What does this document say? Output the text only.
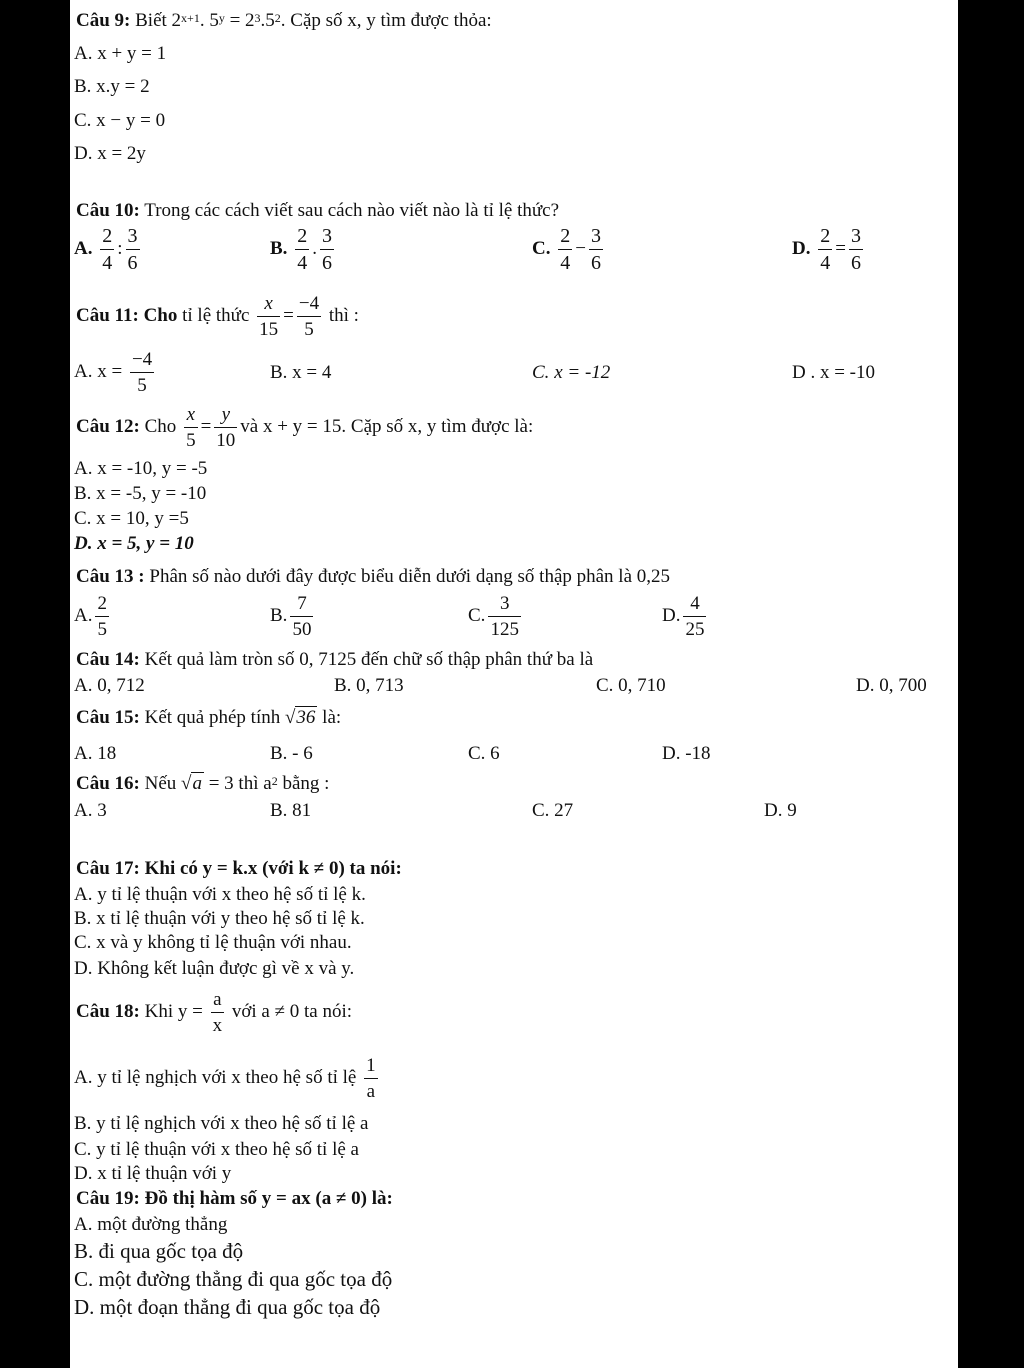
Câu 9: Biết $2^{x+1}$. $5^y = 2^3.5^2$. Cặp số x, y tìm được thỏa:
A. x + y = 1
B. x.y = 2
C. x − y = 0
D. x = 2y
Câu 10: Trong các cách viết sau cách nào viết nào là tỉ lệ thức?
A. $\frac{2}{4}$ : $\frac{3}{6}$	B. $\frac{2}{4}$ . $\frac{3}{6}$	C. $\frac{2}{4} - \frac{3}{6}$	D. $\frac{2}{4} = \frac{3}{6}$
Câu 11: Cho tỉ lệ thức $\frac{x}{15} = \frac{-4}{5}$ thì :
A. $x = \frac{-4}{5}$	B. x = 4	C. x = -12	D . x = -10
Câu 12: Cho $\frac{x}{5} = \frac{y}{10}$ và x + y = 15. Cặp số x, y tìm được là:
A. x = -10, y = -5
B. x = -5, y = -10
C. x = 10, y =5
D. x = 5, y = 10
Câu 13 : Phân số nào dưới đây được biểu diễn dưới dạng số thập phân là 0,25
A. $\frac{2}{5}$	B. $\frac{7}{50}$	C. $\frac{3}{125}$	D. $\frac{4}{25}$
Câu 14: Kết quả làm tròn số 0, 7125 đến chữ số thập phân thứ ba là
A. 0, 712	B. 0, 713	C. 0, 710	D. 0, 700
Câu 15: Kết quả phép tính √36 là:
A. 18	B. - 6	C. 6	D. -18
Câu 16: Nếu √a = 3 thì $a^2$ bằng :
A. 3	B. 81	C. 27	D. 9
Câu 17: Khi có y = k.x (với k ≠ 0) ta nói:
A. y tỉ lệ thuận với x theo hệ số tỉ lệ k.
B. x tỉ lệ thuận với y theo hệ số tỉ lệ k.
C. x và y không tỉ lệ thuận với nhau.
D. Không kết luận được gì về x và y.
Câu 18: Khi $y = \frac{a}{x}$ với a ≠ 0 ta nói:
A. y tỉ lệ nghịch với x theo hệ số tỉ lệ $\frac{1}{a}$
B. y tỉ lệ nghịch với x theo hệ số tỉ lệ a
C. y tỉ lệ thuận với x theo hệ số tỉ lệ a
D. x tỉ lệ thuận với y
Câu 19: Đồ thị hàm số y = ax (a ≠ 0) là:
A. một đường thẳng
B. đi qua gốc tọa độ
C. một đường thẳng đi qua gốc tọa độ
D. một đoạn thẳng đi qua gốc tọa độ
